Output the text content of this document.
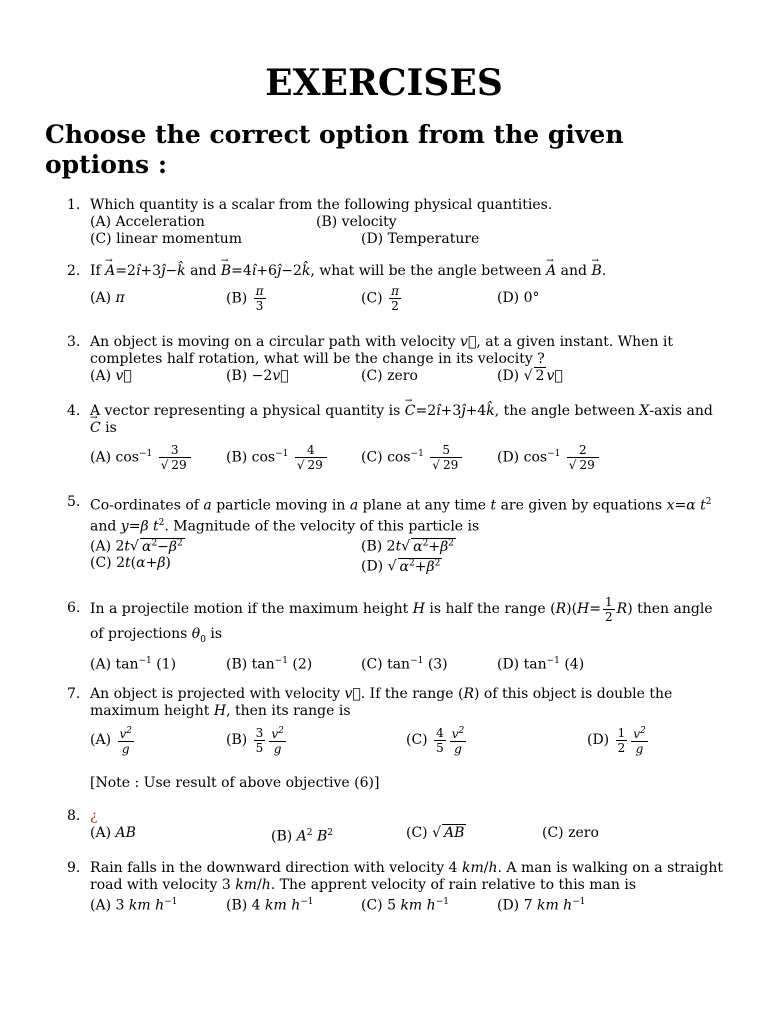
EXERCISES
Choose the correct option from the given options :
1. Which quantity is a scalar from the following physical quantities.
(A) Acceleration	(B) velocity
(C) linear momentum	(D) Temperature
2. If → A=2î+3ĵ−k̂ and → B=4î+6ĵ−2k̂, what will be the angle between → A and → B.
(A) π	$(B) \frac{\pi}{3}$	$(C) \frac{\pi}{2}$	(D) 0°
3. An object is moving on a circular path with velocity v⃗, at a given instant. When it
completes half rotation, what will be the change in its velocity ?
(A) v⃗	(B) −2v⃗	(C) zero	(D) √ 2 v⃗
4. A vector representing a physical quantity is → C=2î+3ĵ+4k̂, the angle between X-axis and
→ C is
(A) $\cos^{-1} \frac{3}{√ 29}$	(B) $\cos^{-1} \frac{4}{√ 29} (C)$ $\cos^{-1} \frac{5}{√ 29} (D)$ $\cos^{-1} \frac{2}{√ 29}$
5. Co-ordinates of a particle moving in a plane at any time t are given by equations x=α $t^2$
and y=β $t^2$. Magnitude of the velocity of this particle is
(A) 2t√ $\alpha^2-\beta^2$	(B) 2t√ $\alpha^2+\beta^2$
(C) 2t(α+β)	(D) √ $\alpha^2+\beta^2$
6. In a projectile motion if the maximum height H is half the range $(R)(H= \frac{1}{2} R)$ then angle
of projections $\theta_0$ is
(A) $\tan^{-1} (1)$	(B) $\tan^{-1} (2)$	(C) $\tan^{-1} (3)$	(D) $\tan^{-1} (4)$
7. An object is projected with velocity v⃗. If the range (R) of this object is double the
maximum height H, then its range is
$(A) \frac{v^2}{g}$	$(B) \frac{3}{5} \frac{v^2}{g}$	$(C) \frac{4}{5} \frac{v^2}{g}$	$(D) \frac{1}{2} \frac{v^2}{g}$
[Note : Use result of above objective (6)]
8. ¿
(A) AB	(B) $A^2$ $B^2$	(C) √ AB	(C) zero
9. Rain falls in the downward direction with velocity 4 km/h. A man is walking on a straight
road with velocity 3 km/h. The apprent velocity of rain relative to this man is
(A) 3 km $h^{-1}$	(B) 4 km $h^{-1}$	(C) 5 km $h^{-1}$	(D) 7 km $h^{-1}$
